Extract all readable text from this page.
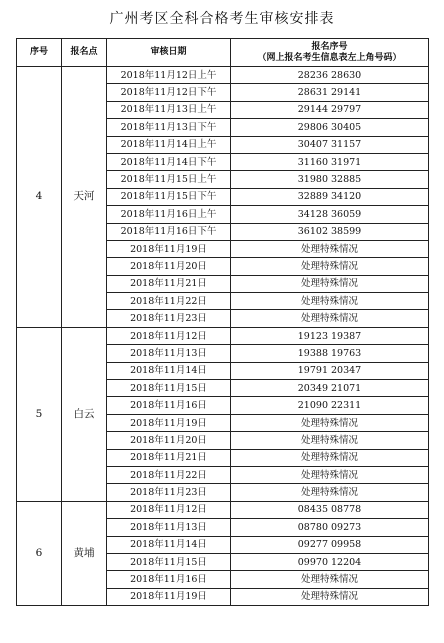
广州考区全科合格考生审核安排表
序号	报名点	审核日期	报名序号
（网上报名考生信息表左上角号码）

4	天河	2018年11月12日上午	28236 28630
		2018年11月12日下午	28631 29141
		2018年11月13日上午	29144 29797
		2018年11月13日下午	29806 30405
		2018年11月14日上午	30407 31157
		2018年11月14日下午	31160 31971
		2018年11月15日上午	31980 32885
		2018年11月15日下午	32889 34120
		2018年11月16日上午	34128 36059
		2018年11月16日下午	36102 38599
		2018年11月19日	处理特殊情况
		2018年11月20日	处理特殊情况
		2018年11月21日	处理特殊情况
		2018年11月22日	处理特殊情况
		2018年11月23日	处理特殊情况
5	白云	2018年11月12日	19123 19387
		2018年11月13日	19388 19763
		2018年11月14日	19791 20347
		2018年11月15日	20349 21071
		2018年11月16日	21090 22311
		2018年11月19日	处理特殊情况
		2018年11月20日	处理特殊情况
		2018年11月21日	处理特殊情况
		2018年11月22日	处理特殊情况
		2018年11月23日	处理特殊情况
6	黄埔	2018年11月12日	08435 08778
		2018年11月13日	08780 09273
		2018年11月14日	09277 09958
		2018年11月15日	09970 12204
		2018年11月16日	处理特殊情况
		2018年11月19日	处理特殊情况
